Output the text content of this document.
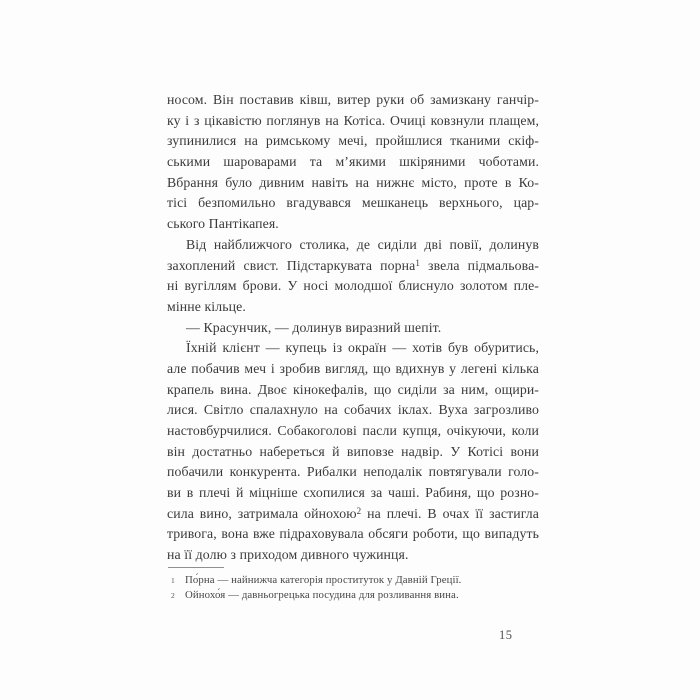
носом. Він поставив ківш, витер руки об замизкану ганчір-
ку і з цікавістю поглянув на Котіса. Очиці ковзнули плащем,
зупинилися на римському мечі, пройшлися тканими скіф-
ськими шароварами та м’якими шкіряними чоботами.
Вбрання було дивним навіть на нижнє місто, проте в Ко-
тісі безпомильно вгадувався мешканець верхнього, цар-
ського Пантікапея.
Від найближчого столика, де сиділи дві повії, долинув
захоплений свист. Підстаркувата порна$^1$ звела підмальова-
ні вугіллям брови. У носі молодшої блиснуло золотом пле-
мінне кільце.
— Красунчик, — долинув виразний шепіт.
Їхній клієнт — купець із окраїн — хотів був обуритись,
але побачив меч і зробив вигляд, що вдихнув у легені кілька
крапель вина. Двоє кінокефалів, що сиділи за ним, ощири-
лися. Світло спалахнуло на собачих іклах. Вуха загрозливо
настовбурчилися. Собакоголові пасли купця, очікуючи, коли
він достатньо набереться й виповзе надвір. У Котісі вони
побачили конкурента. Рибалки неподалік повтягували голо-
ви в плечі й міцніше схопилися за чаші. Рабиня, що розно-
сила вино, затримала ойнохою$^2$ на плечі. В очах її застигла
тривога, вона вже підраховувала обсяги роботи, що випадуть
на її долю з приходом дивного чужинця.
1 По́рна — найнижча категорія проституток у Давній Греції.
2 Ойнохо́я — давньогрецька посудина для розливання вина.
15
